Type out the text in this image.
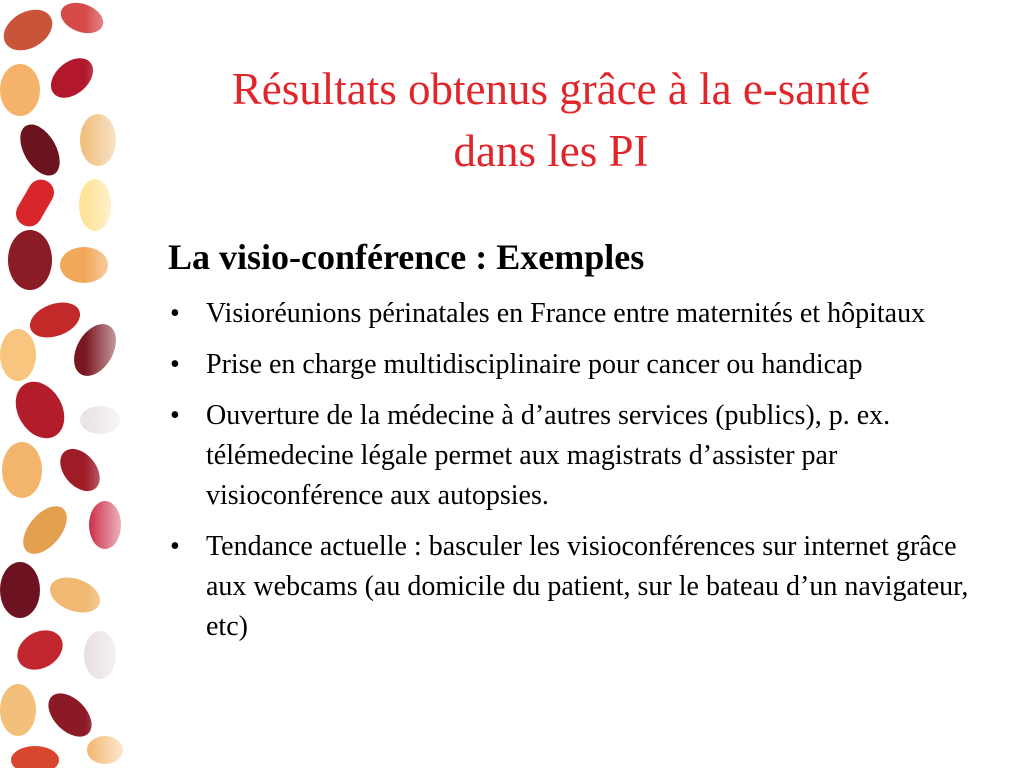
Résultats obtenus grâce à la e-santé
dans les PI
La visio-conférence : Exemples
• Visioréunions périnatales en France entre maternités et hôpitaux
• Prise en charge multidisciplinaire pour cancer ou handicap
• Ouverture de la médecine à d’autres services (publics), p. ex. télémedecine légale permet aux magistrats d’assister par visioconférence aux autopsies.
• Tendance actuelle : basculer les visioconférences sur internet grâce aux webcams (au domicile du patient, sur le bateau d’un navigateur, etc)
